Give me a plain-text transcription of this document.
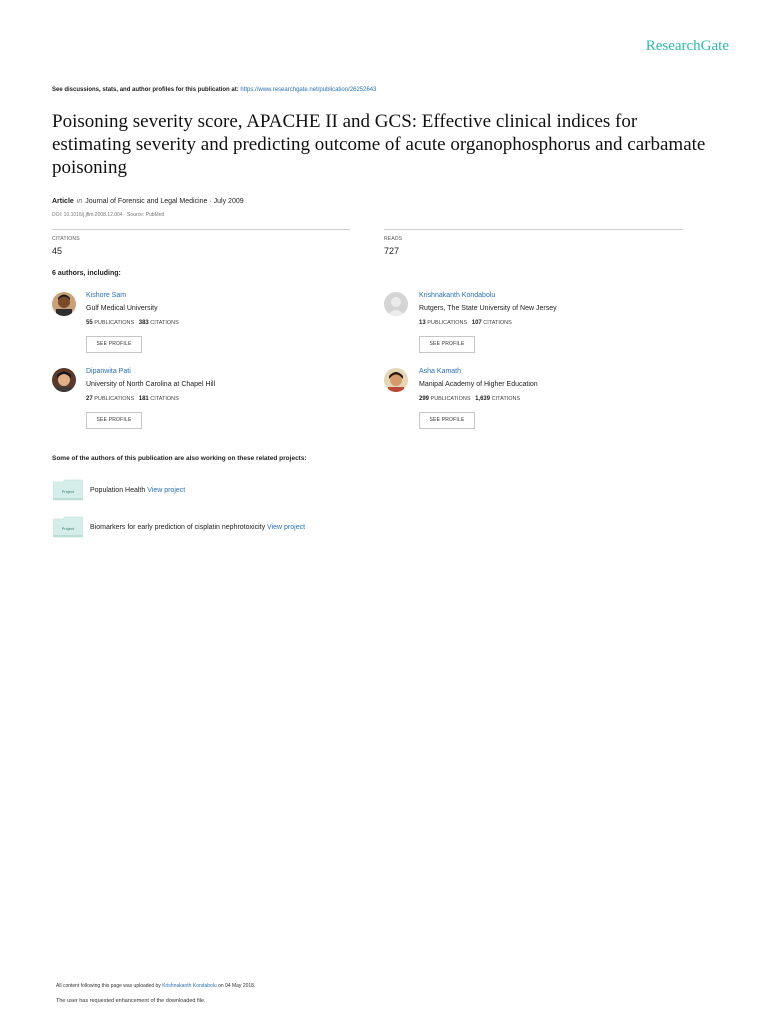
ResearchGate
See discussions, stats, and author profiles for this publication at: https://www.researchgate.net/publication/26252643
Poisoning severity score, APACHE II and GCS: Effective clinical indices for estimating severity and predicting outcome of acute organophosphorus and carbamate poisoning
Article in Journal of Forensic and Legal Medicine · July 2009
DOI: 10.1016/j.jflm.2008.12.004 · Source: PubMed
CITATIONS
45
READS
727
6 authors, including:
Kishore Sam
Gulf Medical University
55 PUBLICATIONS 383 CITATIONS
SEE PROFILE
Krishnakanth Kondabolu
Rutgers, The State University of New Jersey
13 PUBLICATIONS 107 CITATIONS
SEE PROFILE
Dipanwita Pati
University of North Carolina at Chapel Hill
27 PUBLICATIONS 181 CITATIONS
SEE PROFILE
Asha Kamath
Manipal Academy of Higher Education
299 PUBLICATIONS 1,639 CITATIONS
SEE PROFILE
Some of the authors of this publication are also working on these related projects:
Project Population Health View project
Project Biomarkers for early prediction of cisplatin nephrotoxicity View project
All content following this page was uploaded by Krishnakanth Kondabolu on 04 May 2018.
The user has requested enhancement of the downloaded file.
